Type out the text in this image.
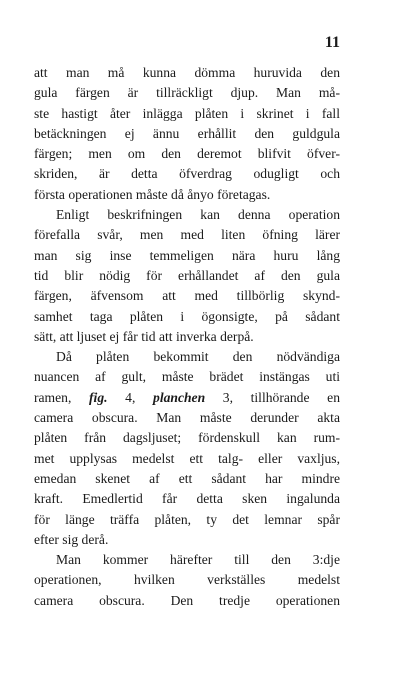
11
att man må kunna dömma huruvida den
gula färgen är tillräckligt djup. Man må-
ste hastigt åter inlägga plåten i skrinet i fall
betäckningen ej ännu erhållit den guldgula
färgen; men om den deremot blifvit öfver-
skriden, är detta öfverdrag odugligt och
första operationen måste då ånyo företagas.
Enligt beskrifningen kan denna operation
förefalla svår, men med liten öfning lärer
man sig inse temmeligen nära huru lång
tid blir nödig för erhållandet af den gula
färgen, äfvensom att med tillbörlig skynd-
samhet taga plåten i ögonsigte, på sådant
sätt, att ljuset ej får tid att inverka derpå.
Då plåten bekommit den nödvändiga
nuancen af gult, måste brädet instängas uti
ramen, fig. 4, planchen 3, tillhörande en
camera obscura. Man måste derunder akta
plåten från dagsljuset; fördenskull kan rum-
met upplysas medelst ett talg- eller vaxljus,
emedan skenet af ett sådant har mindre
kraft. Emedlertid får detta sken ingalunda
för länge träffa plåten, ty det lemnar spår
efter sig derå.
Man kommer härefter till den 3:dje
operationen, hvilken verkställes medelst
camera obscura. Den tredje operationen
